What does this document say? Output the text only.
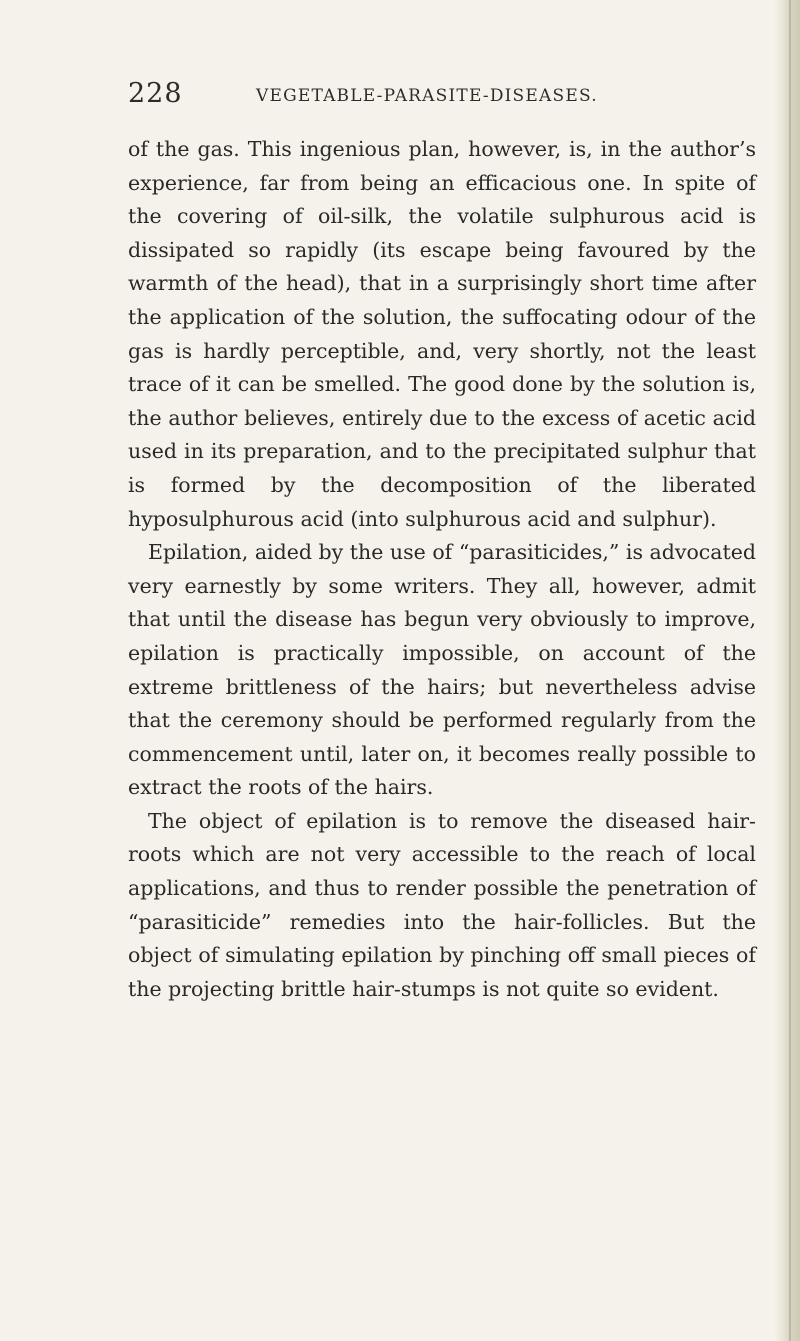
228	VEGETABLE-PARASITE-DISEASES.

of the gas. This ingenious plan, however, is, in the author’s experience, far from being an efficacious one. In spite of the covering of oil-silk, the volatile sulphurous acid is dissipated so rapidly (its escape being favoured by the warmth of the head), that in a surprisingly short time after the application of the solution, the suffocating odour of the gas is hardly perceptible, and, very shortly, not the least trace of it can be smelled. The good done by the solution is, the author believes, entirely due to the excess of acetic acid used in its preparation, and to the precipitated sulphur that is formed by the decomposition of the liberated hyposulphurous acid (into sulphurous acid and sulphur).

Epilation, aided by the use of “parasiticides,” is advocated very earnestly by some writers. They all, however, admit that until the disease has begun very obviously to improve, epilation is practically impossible, on account of the extreme brittleness of the hairs; but nevertheless advise that the ceremony should be performed regularly from the commencement until, later on, it becomes really possible to extract the roots of the hairs.

The object of epilation is to remove the diseased hair-roots which are not very accessible to the reach of local applications, and thus to render possible the penetration of “parasiticide” remedies into the hair-follicles. But the object of simulating epilation by pinching off small pieces of the projecting brittle hair-stumps is not quite so evident.
